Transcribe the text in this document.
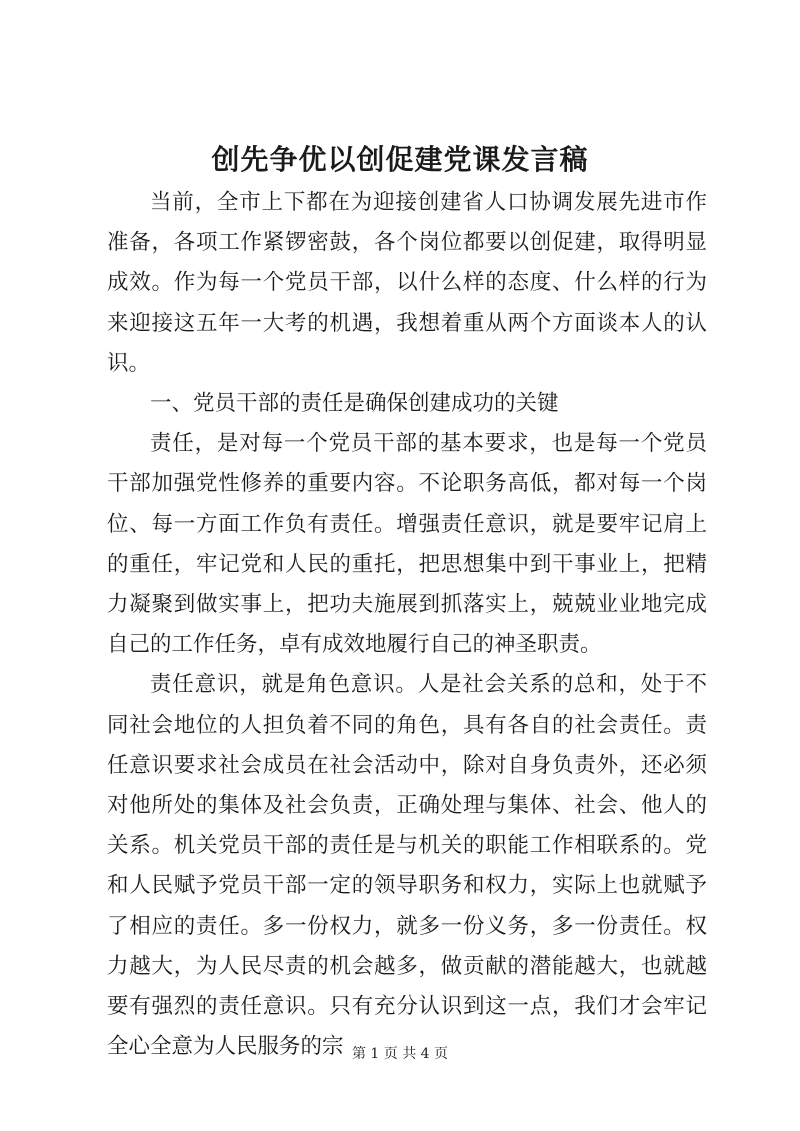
创先争优以创促建党课发言稿

当前，全市上下都在为迎接创建省人口协调发展先进市作准备，各项工作紧锣密鼓，各个岗位都要以创促建，取得明显成效。作为每一个党员干部，以什么样的态度、什么样的行为来迎接这五年一大考的机遇，我想着重从两个方面谈本人的认识。

一、党员干部的责任是确保创建成功的关键

责任，是对每一个党员干部的基本要求，也是每一个党员干部加强党性修养的重要内容。不论职务高低，都对每一个岗位、每一方面工作负有责任。增强责任意识，就是要牢记肩上的重任，牢记党和人民的重托，把思想集中到干事业上，把精力凝聚到做实事上，把功夫施展到抓落实上，兢兢业业地完成自己的工作任务，卓有成效地履行自己的神圣职责。

责任意识，就是角色意识。人是社会关系的总和，处于不同社会地位的人担负着不同的角色，具有各自的社会责任。责任意识要求社会成员在社会活动中，除对自身负责外，还必须对他所处的集体及社会负责，正确处理与集体、社会、他人的关系。机关党员干部的责任是与机关的职能工作相联系的。党和人民赋予党员干部一定的领导职务和权力，实际上也就赋予了相应的责任。多一份权力，就多一份义务，多一份责任。权力越大，为人民尽责的机会越多，做贡献的潜能越大，也就越要有强烈的责任意识。只有充分认识到这一点，我们才会牢记全心全意为人民服务的宗 第 1 页 共 4 页
